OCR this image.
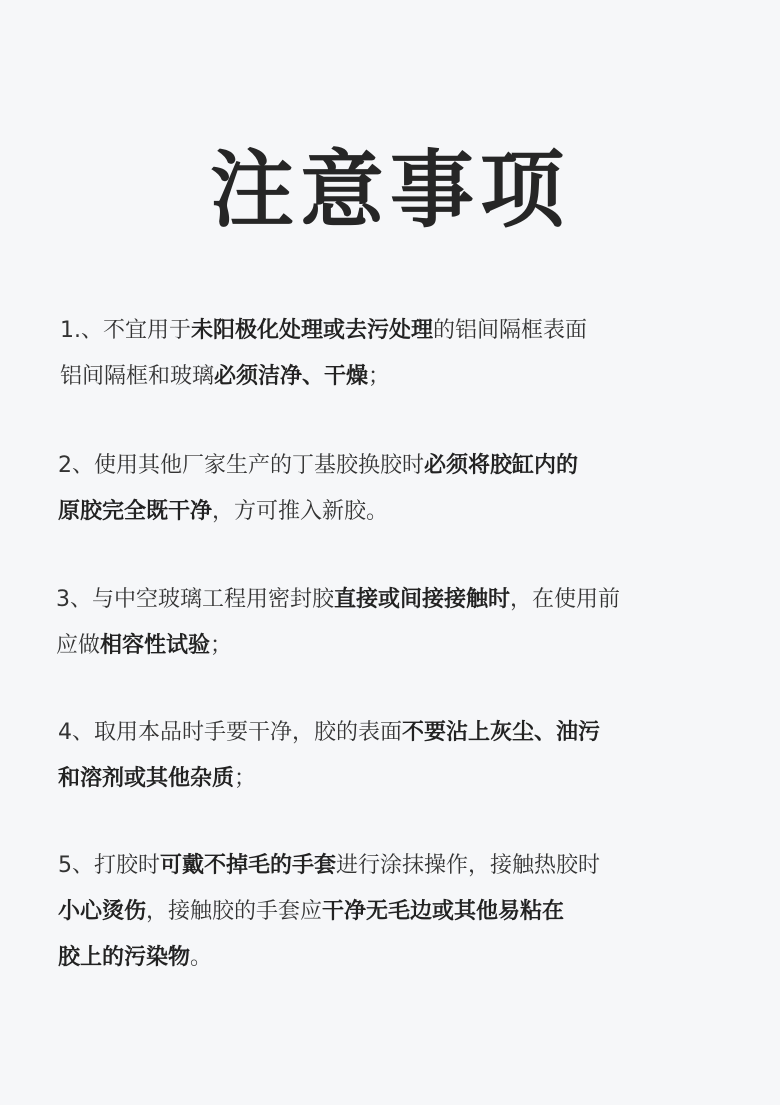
注意事项
1.、不宜用于未阳极化处理或去污处理的铝间隔框表面
铝间隔框和玻璃必须洁净、干燥；
2、使用其他厂家生产的丁基胶换胶时必须将胶缸内的
原胶完全既干净，方可推入新胶。
3、与中空玻璃工程用密封胶直接或间接接触时，在使用前
应做相容性试验；
4、取用本品时手要干净，胶的表面不要沾上灰尘、油污
和溶剂或其他杂质；
5、打胶时可戴不掉毛的手套进行涂抹操作，接触热胶时
小心烫伤，接触胶的手套应干净无毛边或其他易粘在
胶上的污染物。
